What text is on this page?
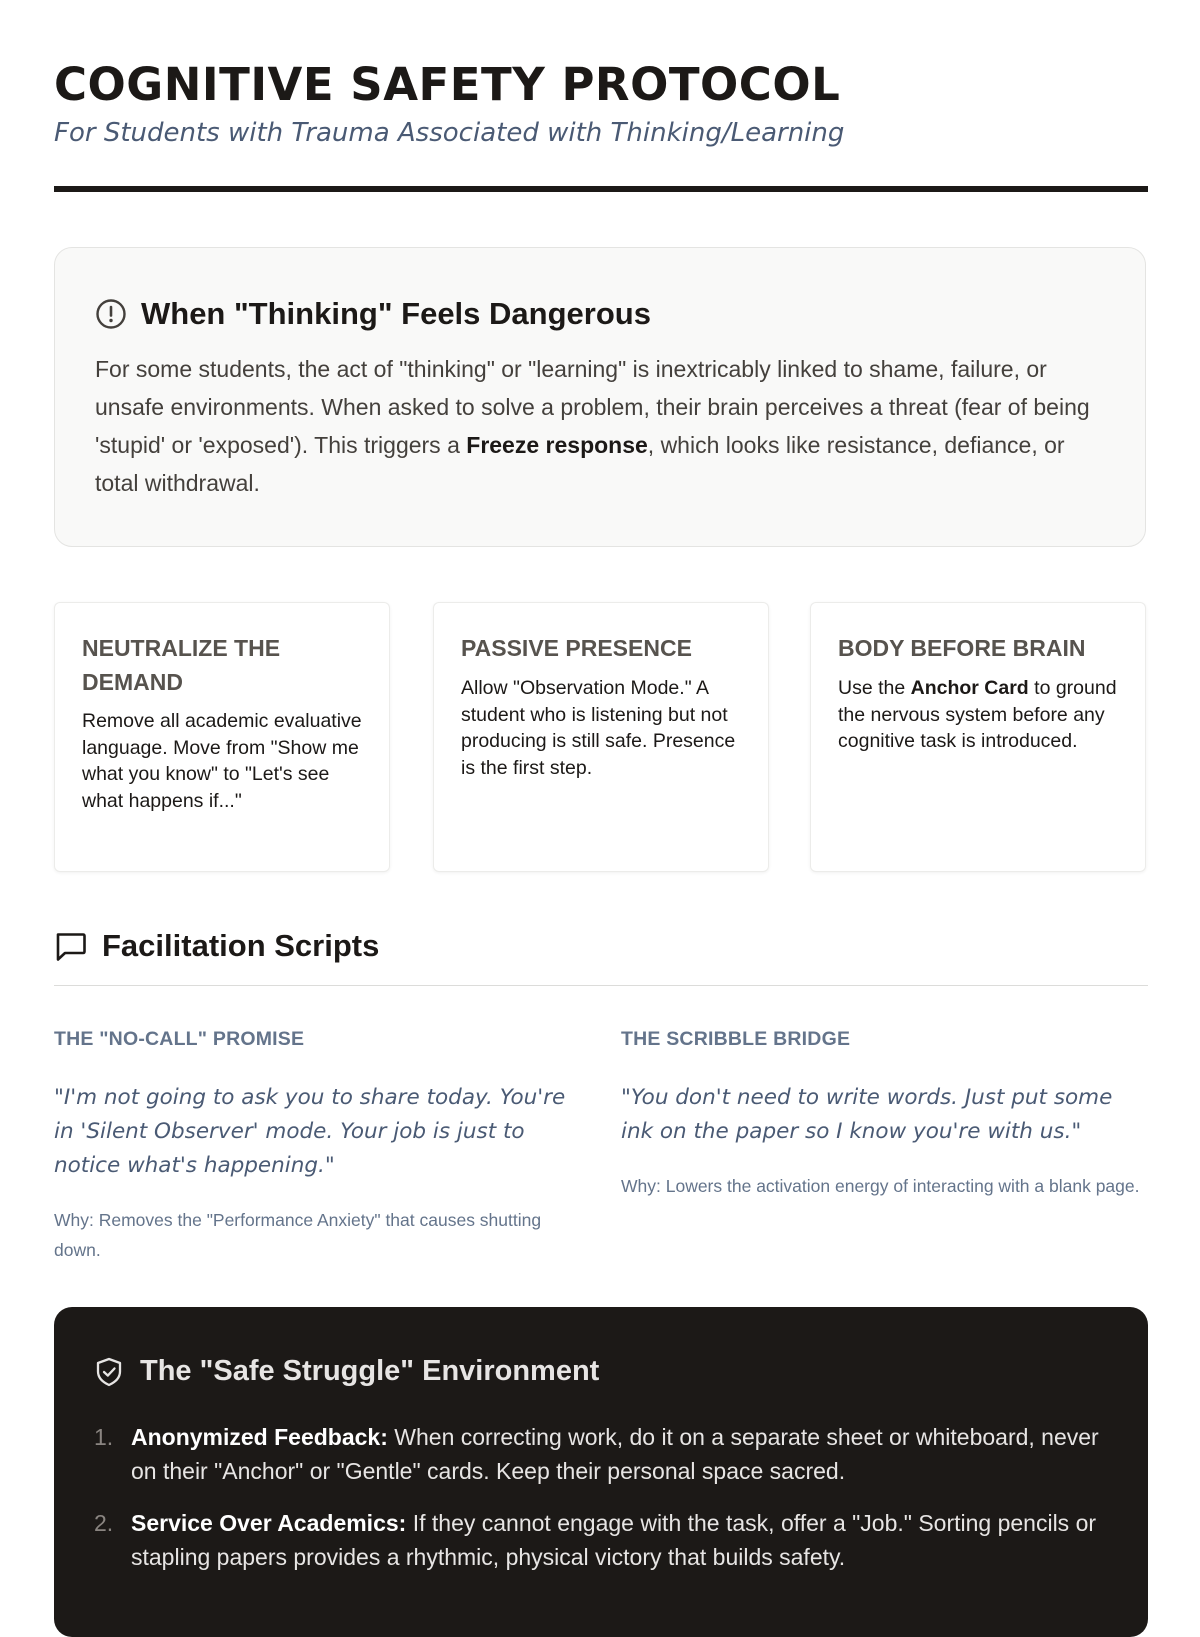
COGNITIVE SAFETY PROTOCOL

For Students with Trauma Associated with Thinking/Learning

When "Thinking" Feels Dangerous

For some students, the act of "thinking" or "learning" is inextricably linked to shame, failure, or unsafe environments. When asked to solve a problem, their brain perceives a threat (fear of being 'stupid' or 'exposed'). This triggers a Freeze response, which looks like resistance, defiance, or total withdrawal.

NEUTRALIZE THE DEMAND
Remove all academic evaluative language. Move from "Show me what you know" to "Let's see what happens if..."
PASSIVE PRESENCE
Allow "Observation Mode." A student who is listening but not producing is still safe. Presence is the first step.
BODY BEFORE BRAIN
Use the Anchor Card to ground the nervous system before any cognitive task is introduced.
Facilitation Scripts
THE "NO-CALL" PROMISE
"I'm not going to ask you to share today. You're in 'Silent Observer' mode. Your job is just to notice what's happening."
Why: Removes the "Performance Anxiety" that causes shutting down.
THE SCRIBBLE BRIDGE
"You don't need to write words. Just put some ink on the paper so I know you're with us."
Why: Lowers the activation energy of interacting with a blank page.
The "Safe Struggle" Environment
1. Anonymized Feedback: When correcting work, do it on a separate sheet or whiteboard, never on their "Anchor" or "Gentle" cards. Keep their personal space sacred.
2. Service Over Academics: If they cannot engage with the task, offer a "Job." Sorting pencils or stapling papers provides a rhythmic, physical victory that builds safety.
